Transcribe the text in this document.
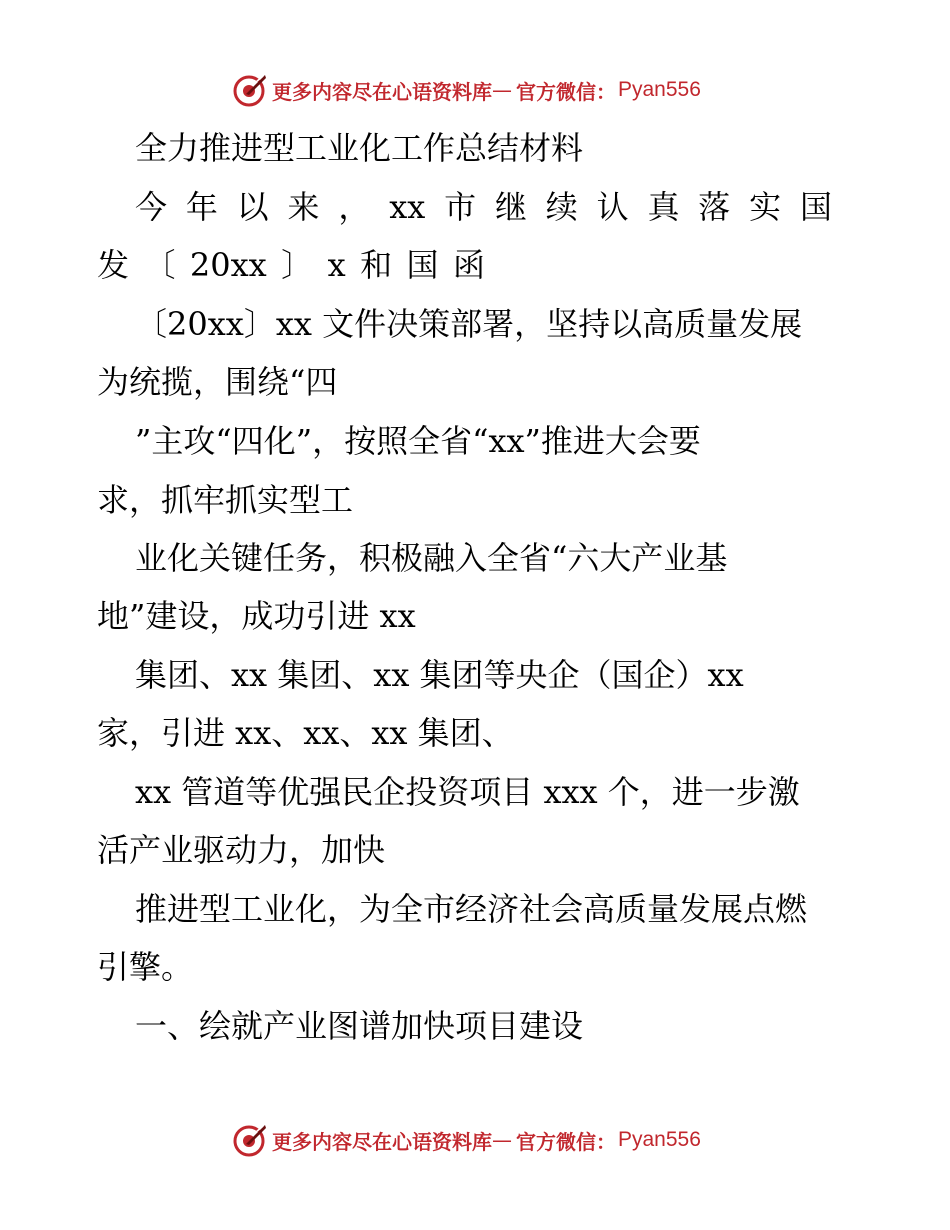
更多内容尽在心语资料库 — 官方微信： Pyan556
全力推进型工业化工作总结材料
今年以来，xx市继续认真落实国
发〔20xx〕x和国函
〔20xx〕xx 文件决策部署，坚持以高质量发展
为统揽，围绕“四
”主攻“四化”，按照全省“xx”推进大会要
求，抓牢抓实型工
业化关键任务，积极融入全省“六大产业基
地”建设，成功引进 xx
集团、xx 集团、xx 集团等央企（国企）xx
家，引进 xx、xx、xx 集团、
xx 管道等优强民企投资项目 xxx 个，进一步激
活产业驱动力，加快
推进型工业化，为全市经济社会高质量发展点燃
引擎。
一、绘就产业图谱加快项目建设
更多内容尽在心语资料库 — 官方微信： Pyan556
